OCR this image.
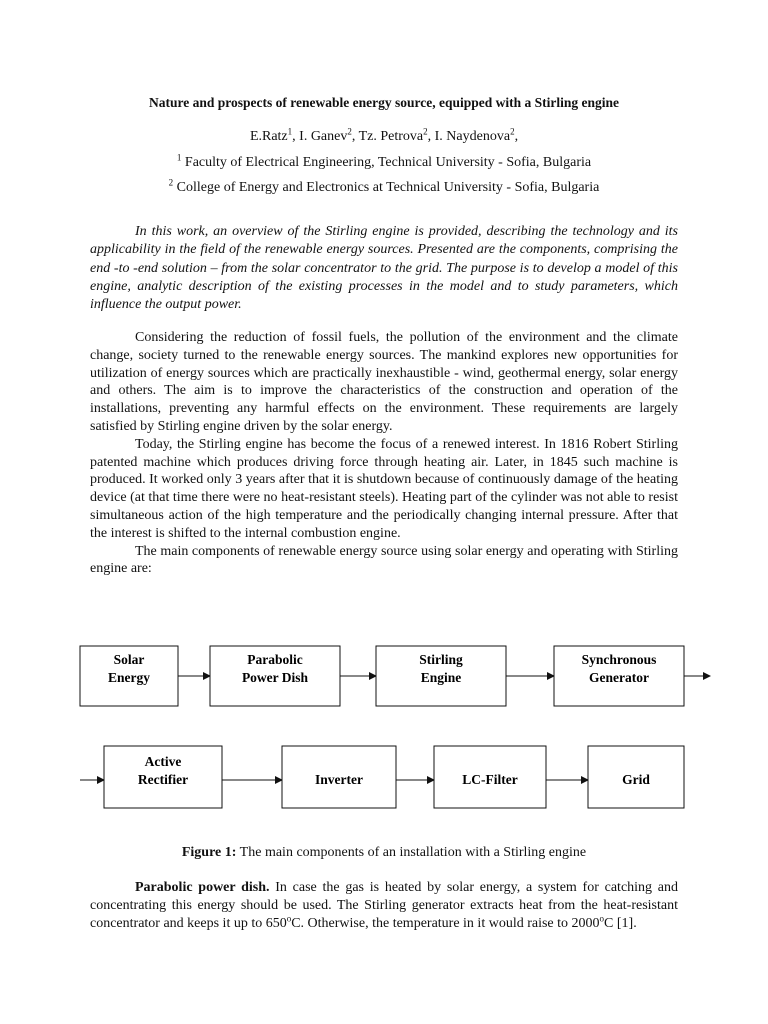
Nature and prospects of renewable energy source, equipped with a Stirling engine
E.Ratz$^1$, I. Ganev$^2$, Tz. Petrova$^2$, I. Naydenova$^2$,
$^1$ Faculty of Electrical Engineering, Technical University - Sofia, Bulgaria
$^2$ College of Energy and Electronics at Technical University - Sofia, Bulgaria

In this work, an overview of the Stirling engine is provided, describing the technology and its applicability in the field of the renewable energy sources. Presented are the components, comprising the end -to -end solution – from the solar concentrator to the grid. The purpose is to develop a model of this engine, analytic description of the existing processes in the model and to study parameters, which influence the output power.

Considering the reduction of fossil fuels, the pollution of the environment and the climate change, society turned to the renewable energy sources. The mankind explores new opportunities for utilization of energy sources which are practically inexhaustible - wind, geothermal energy, solar energy and others. The aim is to improve the characteristics of the construction and operation of the installations, preventing any harmful effects on the environment. These requirements are largely satisfied by Stirling engine driven by the solar energy.

Today, the Stirling engine has become the focus of a renewed interest. In 1816 Robert Stirling patented machine which produces driving force through heating air. Later, in 1845 such machine is produced. It worked only 3 years after that it is shutdown because of continuously damage of the heating device (at that time there were no heat-resistant steels). Heating part of the cylinder was not able to resist simultaneous action of the high temperature and the periodically changing internal pressure. After that the interest is shifted to the internal combustion engine.

The main components of renewable energy source using solar energy and operating with Stirling engine are:

Solar
Energy
Parabolic
Power Dish
Stirling
Engine
Synchronous
Generator
Active
Rectifier	Inverter	LC-Filter	Grid
Figure 1: The main components of an installation with a Stirling engine

Parabolic power dish. In case the gas is heated by solar energy, a system for catching and concentrating this energy should be used. The Stirling generator extracts heat from the heat-resistant concentrator and keeps it up to 650$^o$C. Otherwise, the temperature in it would raise to 2000$^o$C [1].
